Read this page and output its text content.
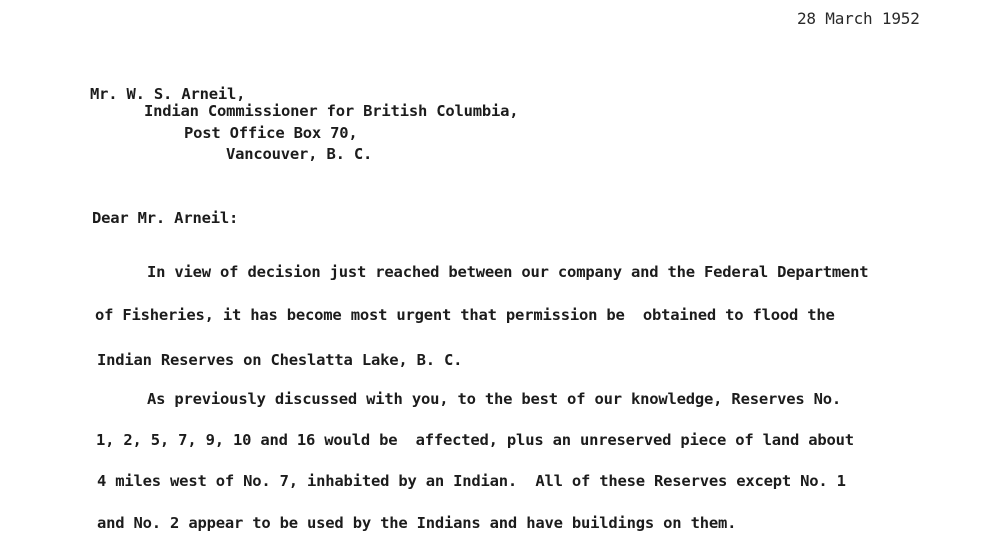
28 March 1952
Mr. W. S. Arneil,
Indian Commissioner for British Columbia,
Post Office Box 70,
Vancouver, B. C.
Dear Mr. Arneil:
In view of decision just reached between our company and the Federal Department
of Fisheries, it has become most urgent that permission be  obtained to flood the
Indian Reserves on Cheslatta Lake, B. C.
As previously discussed with you, to the best of our knowledge, Reserves No.
1, 2, 5, 7, 9, 10 and 16 would be  affected, plus an unreserved piece of land about
4 miles west of No. 7, inhabited by an Indian.  All of these Reserves except No. 1
and No. 2 appear to be used by the Indians and have buildings on them.
